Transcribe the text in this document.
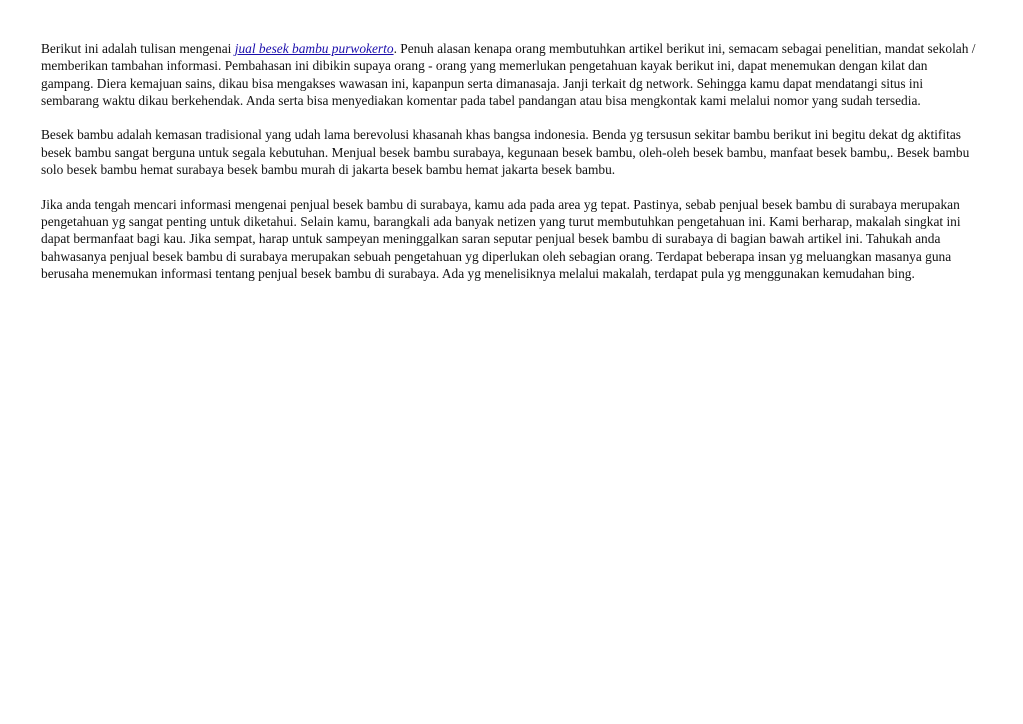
Berikut ini adalah tulisan mengenai jual besek bambu purwokerto. Penuh alasan kenapa orang membutuhkan artikel berikut ini, semacam sebagai penelitian, mandat sekolah / memberikan tambahan informasi. Pembahasan ini dibikin supaya orang - orang yang memerlukan pengetahuan kayak berikut ini, dapat menemukan dengan kilat dan gampang. Diera kemajuan sains, dikau bisa mengakses wawasan ini, kapanpun serta dimanasaja. Janji terkait dg network. Sehingga kamu dapat mendatangi situs ini sembarang waktu dikau berkehendak. Anda serta bisa menyediakan komentar pada tabel pandangan atau bisa mengkontak kami melalui nomor yang sudah tersedia.

Besek bambu adalah kemasan tradisional yang udah lama berevolusi khasanah khas bangsa indonesia. Benda yg tersusun sekitar bambu berikut ini begitu dekat dg aktifitas besek bambu sangat berguna untuk segala kebutuhan. Menjual besek bambu surabaya, kegunaan besek bambu, oleh-oleh besek bambu, manfaat besek bambu,. Besek bambu solo besek bambu hemat surabaya besek bambu murah di jakarta besek bambu hemat jakarta besek bambu.

Jika anda tengah mencari informasi mengenai penjual besek bambu di surabaya, kamu ada pada area yg tepat. Pastinya, sebab penjual besek bambu di surabaya merupakan pengetahuan yg sangat penting untuk diketahui. Selain kamu, barangkali ada banyak netizen yang turut membutuhkan pengetahuan ini. Kami berharap, makalah singkat ini dapat bermanfaat bagi kau. Jika sempat, harap untuk sampeyan meninggalkan saran seputar penjual besek bambu di surabaya di bagian bawah artikel ini. Tahukah anda bahwasanya penjual besek bambu di surabaya merupakan sebuah pengetahuan yg diperlukan oleh sebagian orang. Terdapat beberapa insan yg meluangkan masanya guna berusaha menemukan informasi tentang penjual besek bambu di surabaya. Ada yg menelisiknya melalui makalah, terdapat pula yg menggunakan kemudahan bing.
